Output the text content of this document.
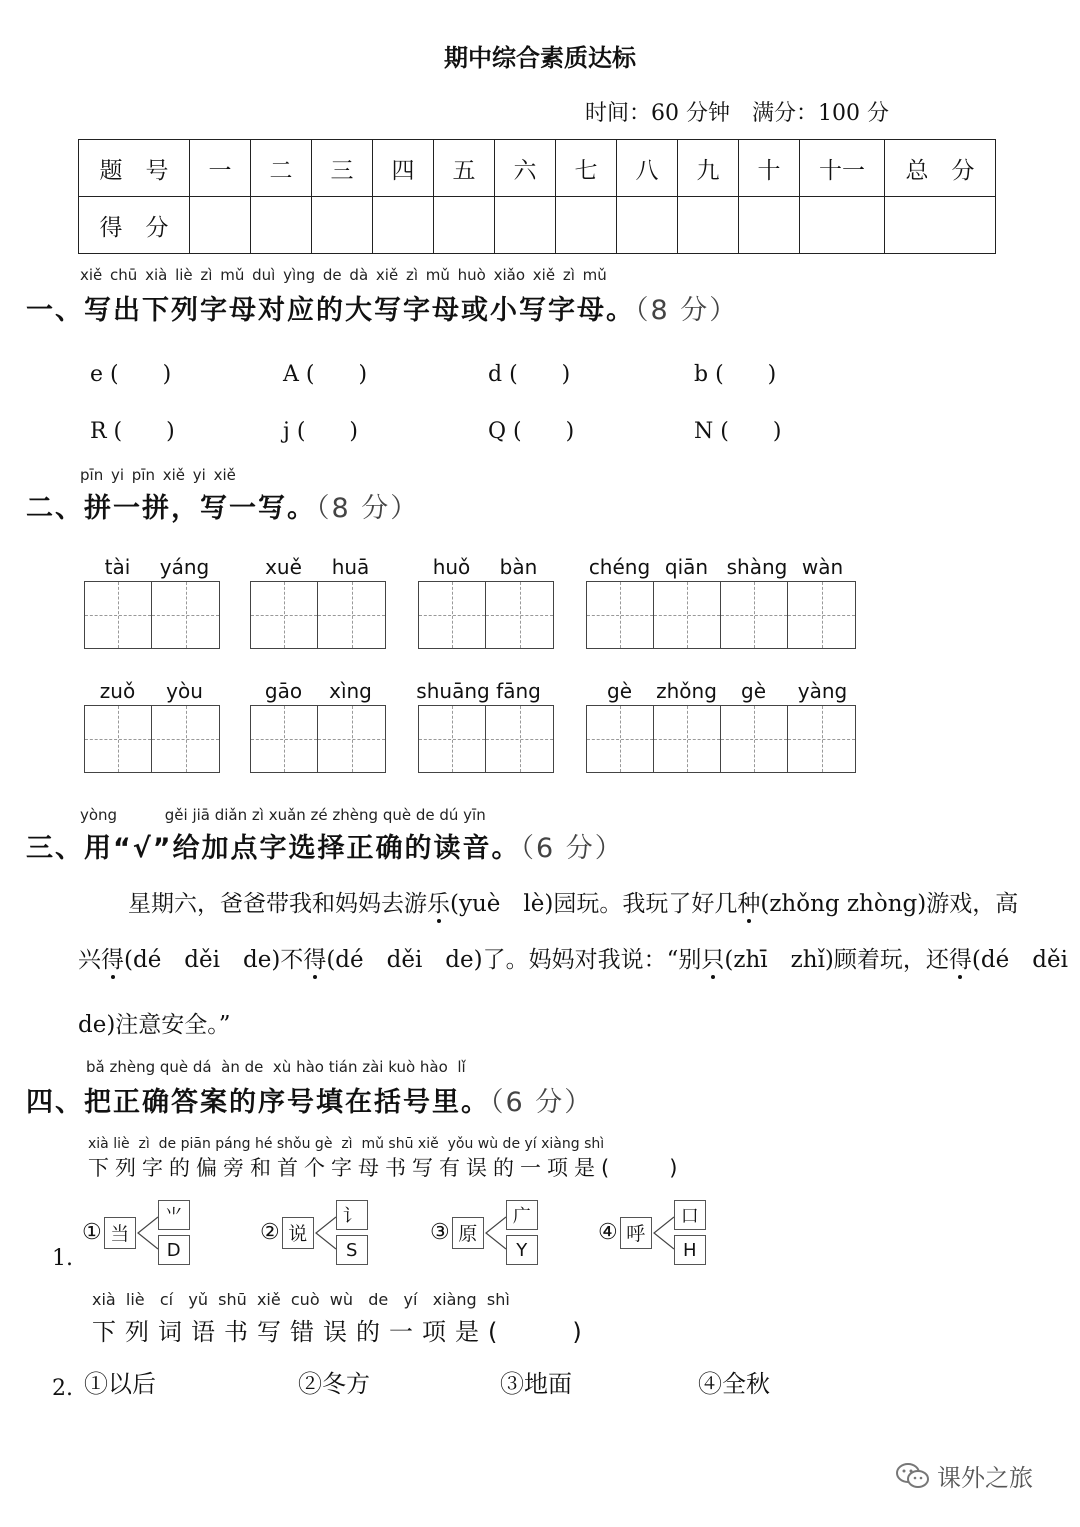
期中综合素质达标
时间：60 分钟　满分：100 分
题　号	一	二	三	四	五	六	七	八	九	十	十一	总　分
得　分												
xiě chū xià liè zì mǔ duì yìng de dà xiě zì mǔ huò xiǎo xiě zì mǔ
一、写出下列字母对应的大写字母或小写字母。（8 分）
e (　　)	A (　　)	d (　　)	b (　　)
R (　　)	j (　　)	Q (　　)	N (　　)
pīn yi pīn xiě yi xiě
二、拼一拼，写一写。（8 分）
tài	yáng	xuě	huā	huǒ	bàn	chéng qiān shàng wàn
zuǒ	yòu	gāo	xìng	shuāng fāng	gè	zhǒng	gè	yàng
yòng          gěi jiā diǎn zì xuǎn zé zhèng què de dú yīn
三、用“√”给加点字选择正确的读音。（6 分）
星期六，爸爸带我和妈妈去游乐(yuè　lè)园玩。我玩了好几种(zhǒng zhòng)游戏，高
兴得(dé　děi　de)不得(dé　děi　de)了。妈妈对我说：“别只(zhī　zhǐ)顾着玩，还得(dé　děi
de)注意安全。”
bǎ zhèng què dá  àn de  xù hào tián zài kuò hào  lǐ
四、把正确答案的序号填在括号里。（6 分）
xià liè  zì  de piān páng hé shǒu gè  zì  mǔ shū xiě  yǒu wù de yí xiàng shì
下列字的偏旁和首个字母书写有误的一项是(　　)
1.
① 当
⺌
D
② 说
讠
S
③ 原
广
Y
④ 呼
口
H
xià  liè   cí   yǔ  shū  xiě  cuò  wù   de   yí   xiàng  shì
下列词语书写错误的一项是(　　)
2. ①以后	②冬方	③地面	④全秋
课外之旅
